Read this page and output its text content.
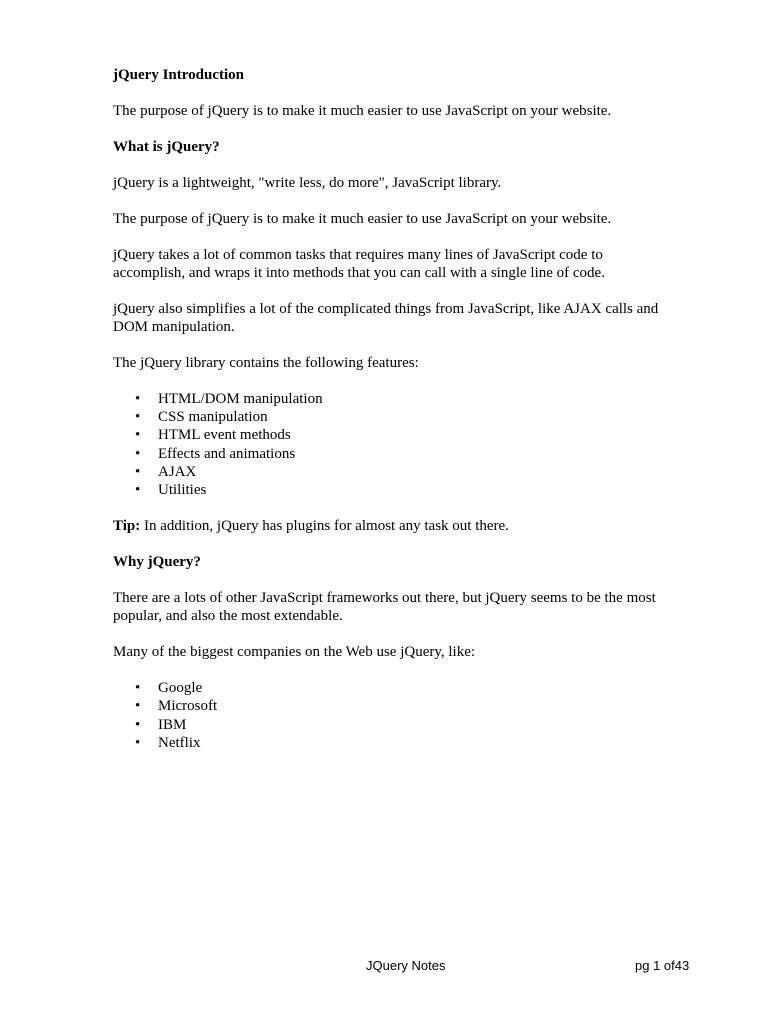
jQuery Introduction
The purpose of jQuery is to make it much easier to use JavaScript on your website.
What is jQuery?
jQuery is a lightweight, "write less, do more", JavaScript library.
The purpose of jQuery is to make it much easier to use JavaScript on your website.
jQuery takes a lot of common tasks that requires many lines of JavaScript code to accomplish, and wraps it into methods that you can call with a single line of code.
jQuery also simplifies a lot of the complicated things from JavaScript, like AJAX calls and DOM manipulation.
The jQuery library contains the following features:
• HTML/DOM manipulation
• CSS manipulation
• HTML event methods
• Effects and animations
• AJAX
• Utilities
Tip: In addition, jQuery has plugins for almost any task out there.
Why jQuery?
There are a lots of other JavaScript frameworks out there, but jQuery seems to be the most popular, and also the most extendable.
Many of the biggest companies on the Web use jQuery, like:
• Google
• Microsoft
• IBM
• Netflix
JQuery Notes	pg 1 of43
